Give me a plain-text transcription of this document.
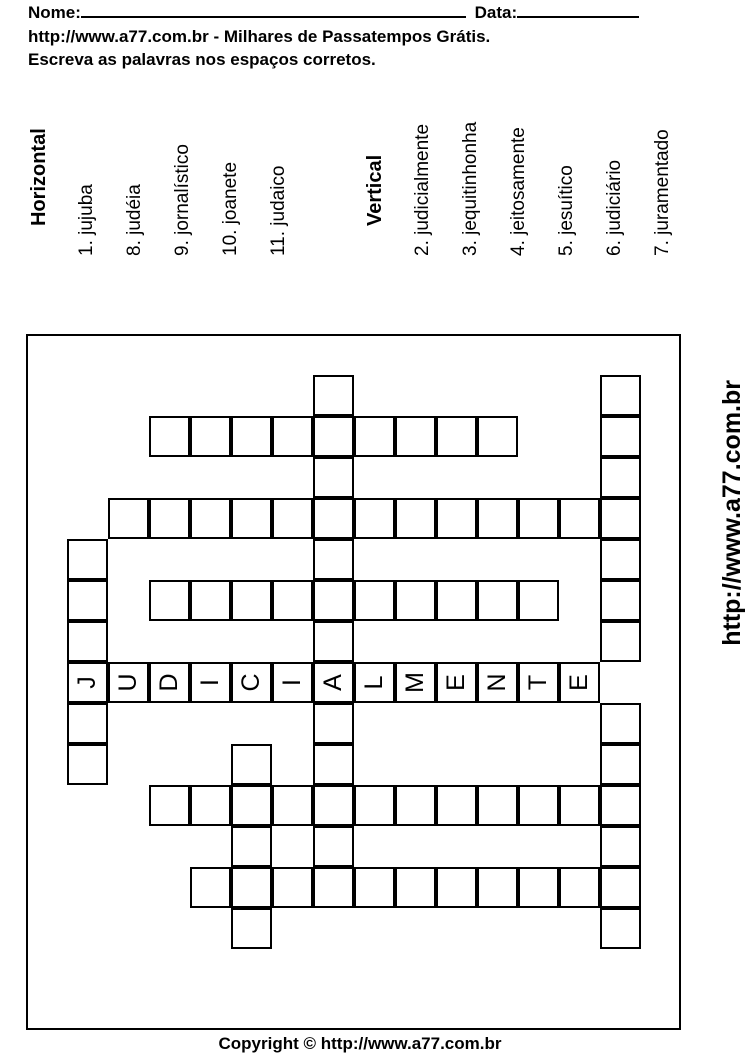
Nome:	Data:
http://www.a77.com.br - Milhares de Passatempos Grátis.
Escreva as palavras nos espaços corretos.
Horizontal 1. jujuba 8. judéia 9. jornalístico 10. joanete 11. judaico	Vertical 2. judicialmente 3. jequitinhonha 4. jeitosamente 5. jesuítico 6. judiciário 7. juramentado
J U D I C I A L M E N T E
http://www.a77.com.br
Copyright © http://www.a77.com.br
